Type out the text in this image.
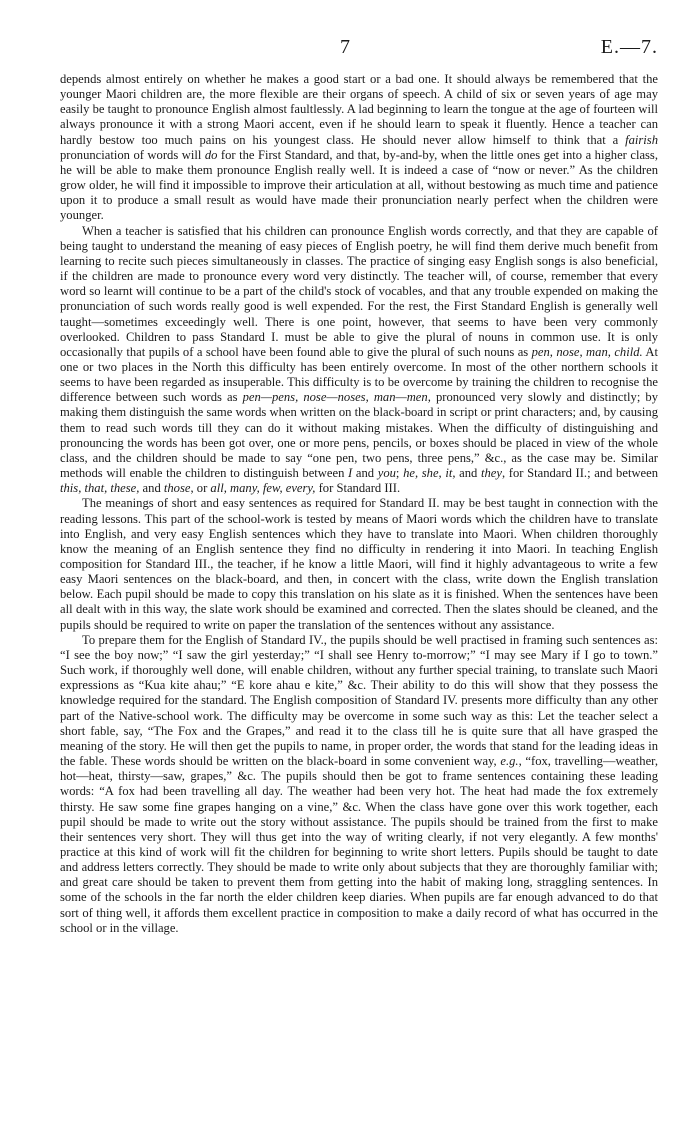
7	E.—7.

depends almost entirely on whether he makes a good start or a bad one. It should always be remembered that the younger Maori children are, the more flexible are their organs of speech. A child of six or seven years of age may easily be taught to pronounce English almost faultlessly. A lad beginning to learn the tongue at the age of fourteen will always pronounce it with a strong Maori accent, even if he should learn to speak it fluently. Hence a teacher can hardly bestow too much pains on his youngest class. He should never allow himself to think that a fairish pronunciation of words will do for the First Standard, and that, by-and-by, when the little ones get into a higher class, he will be able to make them pronounce English really well. It is indeed a case of “now or never.” As the children grow older, he will find it impossible to improve their articulation at all, without bestowing as much time and patience upon it to produce a small result as would have made their pronunciation nearly perfect when the children were younger.

When a teacher is satisfied that his children can pronounce English words correctly, and that they are capable of being taught to understand the meaning of easy pieces of English poetry, he will find them derive much benefit from learning to recite such pieces simultaneously in classes. The practice of singing easy English songs is also beneficial, if the children are made to pronounce every word very distinctly. The teacher will, of course, remember that every word so learnt will continue to be a part of the child's stock of vocables, and that any trouble expended on making the pronunciation of such words really good is well expended. For the rest, the First Standard English is generally well taught—sometimes exceedingly well. There is one point, however, that seems to have been very commonly overlooked. Children to pass Standard I. must be able to give the plural of nouns in common use. It is only occasionally that pupils of a school have been found able to give the plural of such nouns as pen, nose, man, child. At one or two places in the North this difficulty has been entirely overcome. In most of the other northern schools it seems to have been regarded as insuperable. This difficulty is to be overcome by training the children to recognise the difference between such words as pen—pens, nose—noses, man—men, pronounced very slowly and distinctly; by making them distinguish the same words when written on the black-board in script or print characters; and, by causing them to read such words till they can do it without making mistakes. When the difficulty of distinguishing and pronouncing the words has been got over, one or more pens, pencils, or boxes should be placed in view of the whole class, and the children should be made to say “one pen, two pens, three pens,” &c., as the case may be. Similar methods will enable the children to distinguish between I and you; he, she, it, and they, for Standard II.; and between this, that, these, and those, or all, many, few, every, for Standard III.

The meanings of short and easy sentences as required for Standard II. may be best taught in connection with the reading lessons. This part of the school-work is tested by means of Maori words which the children have to translate into English, and very easy English sentences which they have to translate into Maori. When children thoroughly know the meaning of an English sentence they find no difficulty in rendering it into Maori. In teaching English composition for Standard III., the teacher, if he know a little Maori, will find it highly advantageous to write a few easy Maori sentences on the black-board, and then, in concert with the class, write down the English translation below. Each pupil should be made to copy this translation on his slate as it is finished. When the sentences have been all dealt with in this way, the slate work should be examined and corrected. Then the slates should be cleaned, and the pupils should be required to write on paper the translation of the sentences without any assistance.

To prepare them for the English of Standard IV., the pupils should be well practised in framing such sentences as: “I see the boy now;” “I saw the girl yesterday;” “I shall see Henry to-morrow;” “I may see Mary if I go to town.” Such work, if thoroughly well done, will enable children, without any further special training, to translate such Maori expressions as “Kua kite ahau;” “E kore ahau e kite,” &c. Their ability to do this will show that they possess the knowledge required for the standard. The English composition of Standard IV. presents more difficulty than any other part of the Native-school work. The difficulty may be overcome in some such way as this: Let the teacher select a short fable, say, “The Fox and the Grapes,” and read it to the class till he is quite sure that all have grasped the meaning of the story. He will then get the pupils to name, in proper order, the words that stand for the leading ideas in the fable. These words should be written on the black-board in some convenient way, e.g., “fox, travelling—weather, hot—heat, thirsty—saw, grapes,” &c. The pupils should then be got to frame sentences containing these leading words: “A fox had been travelling all day. The weather had been very hot. The heat had made the fox extremely thirsty. He saw some fine grapes hanging on a vine,” &c. When the class have gone over this work together, each pupil should be made to write out the story without assistance. The pupils should be trained from the first to make their sentences very short. They will thus get into the way of writing clearly, if not very elegantly. A few months' practice at this kind of work will fit the children for beginning to write short letters. Pupils should be taught to date and address letters correctly. They should be made to write only about subjects that they are thoroughly familiar with; and great care should be taken to prevent them from getting into the habit of making long, straggling sentences. In some of the schools in the far north the elder children keep diaries. When pupils are far enough advanced to do that sort of thing well, it affords them excellent practice in composition to make a daily record of what has occurred in the school or in the village.
